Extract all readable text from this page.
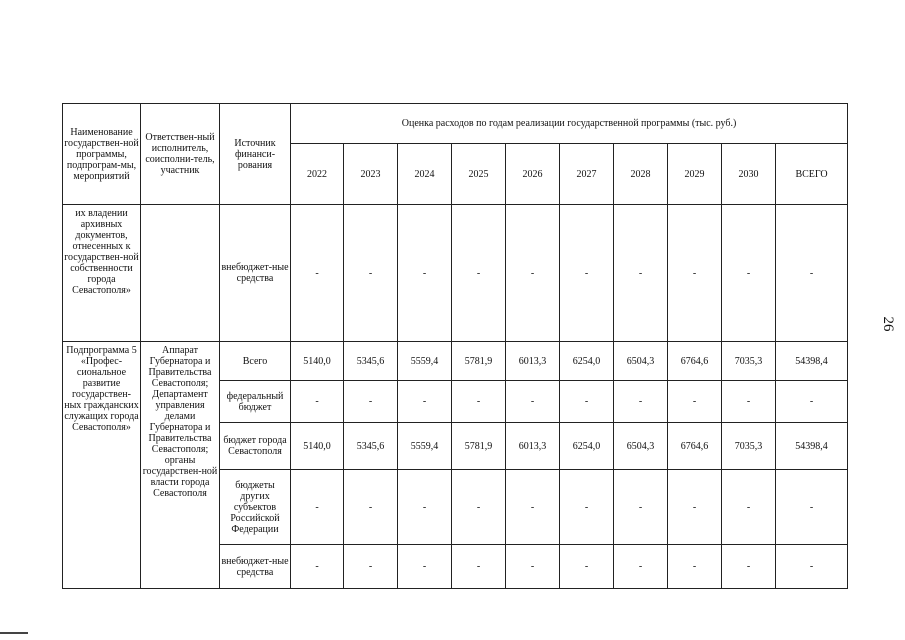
Наименование государствен-ной программы, подпрограм-мы, мероприятий	Ответствен-ный исполнитель, соисполни-тель, участник	Источник финанси-рования	Оценка расходов по годам реализации государственной программы (тыс. руб.)									
			2022	2023	2024	2025	2026	2027	2028	2029	2030	ВСЕГО
их владении архивных документов, отнесенных к государствен-ной собственности города Севастополя»		внебюджет-ные средства	-	-	-	-	-	-	-	-	-	-
Подпрограмма 5 «Профес-сиональное развитие государствен-ных гражданских служащих города Севастополя»	Аппарат Губернатора и Правительства Севастополя; Департамент управления делами Губернатора и Правительства Севастополя; органы государствен-ной власти города Севастополя	Всего	5140,0	5345,6	5559,4	5781,9	6013,3	6254,0	6504,3	6764,6	7035,3	54398,4
		федеральный бюджет	-	-	-	-	-	-	-	-	-	-
		бюджет города Севастополя	5140,0	5345,6	5559,4	5781,9	6013,3	6254,0	6504,3	6764,6	7035,3	54398,4
		бюджеты других субъектов Российской Федерации	-	-	-	-	-	-	-	-	-	-
		внебюджет-ные средства	-	-	-	-	-	-	-	-	-	-
26
